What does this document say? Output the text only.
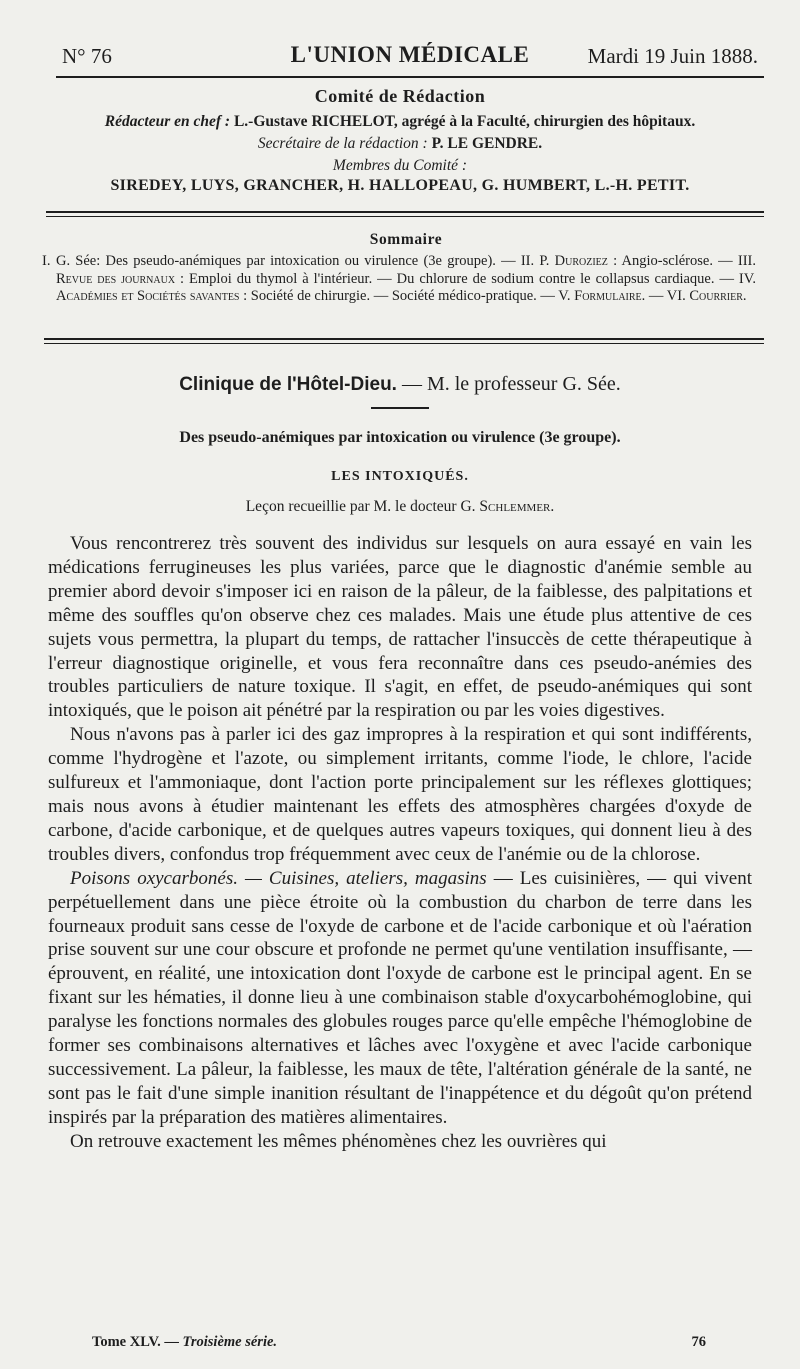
N° 76	L'UNION MÉDICALE	Mardi 19 Juin 1888.
Comité de Rédaction
Rédacteur en chef : L.-Gustave RICHELOT, agrégé à la Faculté, chirurgien des hôpitaux.
Secrétaire de la rédaction : P. LE GENDRE.
Membres du Comité :
SIREDEY, LUYS, GRANCHER, H. HALLOPEAU, G. HUMBERT, L.-H. PETIT.
Sommaire
I. G. Sée: Des pseudo-anémiques par intoxication ou virulence (3e groupe). — II. P. Duroziez : Angio-sclérose. — III. Revue des journaux : Emploi du thymol à l'intérieur. — Du chlorure de sodium contre le collapsus cardiaque. — IV. Académies et Sociétés savantes : Société de chirurgie. — Société médico-pratique. — V. Formulaire. — VI. Courrier.
Clinique de l'Hôtel-Dieu. — M. le professeur G. Sée.
Des pseudo-anémiques par intoxication ou virulence (3e groupe).
LES INTOXIQUÉS.
Leçon recueillie par M. le docteur G. Schlemmer.

Vous rencontrerez très souvent des individus sur lesquels on aura essayé en vain les médications ferrugineuses les plus variées, parce que le diagnostic d'anémie semble au premier abord devoir s'imposer ici en raison de la pâleur, de la faiblesse, des palpitations et même des souffles qu'on observe chez ces malades. Mais une étude plus attentive de ces sujets vous permettra, la plupart du temps, de rattacher l'insuccès de cette thérapeutique à l'erreur diagnostique originelle, et vous fera reconnaître dans ces pseudo-anémies des troubles particuliers de nature toxique. Il s'agit, en effet, de pseudo-anémiques qui sont intoxiqués, que le poison ait pénétré par la respiration ou par les voies digestives.

Nous n'avons pas à parler ici des gaz impropres à la respiration et qui sont indifférents, comme l'hydrogène et l'azote, ou simplement irritants, comme l'iode, le chlore, l'acide sulfureux et l'ammoniaque, dont l'action porte principalement sur les réflexes glottiques; mais nous avons à étudier maintenant les effets des atmosphères chargées d'oxyde de carbone, d'acide carbonique, et de quelques autres vapeurs toxiques, qui donnent lieu à des troubles divers, confondus trop fréquemment avec ceux de l'anémie ou de la chlorose.

Poisons oxycarbonés. — Cuisines, ateliers, magasins — Les cuisinières, — qui vivent perpétuellement dans une pièce étroite où la combustion du charbon de terre dans les fourneaux produit sans cesse de l'oxyde de carbone et de l'acide carbonique et où l'aération prise souvent sur une cour obscure et profonde ne permet qu'une ventilation insuffisante, — éprouvent, en réalité, une intoxication dont l'oxyde de carbone est le principal agent. En se fixant sur les hématies, il donne lieu à une combinaison stable d'oxycarbohémoglobine, qui paralyse les fonctions normales des globules rouges parce qu'elle empêche l'hémoglobine de former ses combinaisons alternatives et lâches avec l'oxygène et avec l'acide carbonique successivement. La pâleur, la faiblesse, les maux de tête, l'altération générale de la santé, ne sont pas le fait d'une simple inanition résultant de l'inappétence et du dégoût qu'on prétend inspirés par la préparation des matières alimentaires.

On retrouve exactement les mêmes phénomènes chez les ouvrières qui

Tome XLV. — Troisième série.	76
